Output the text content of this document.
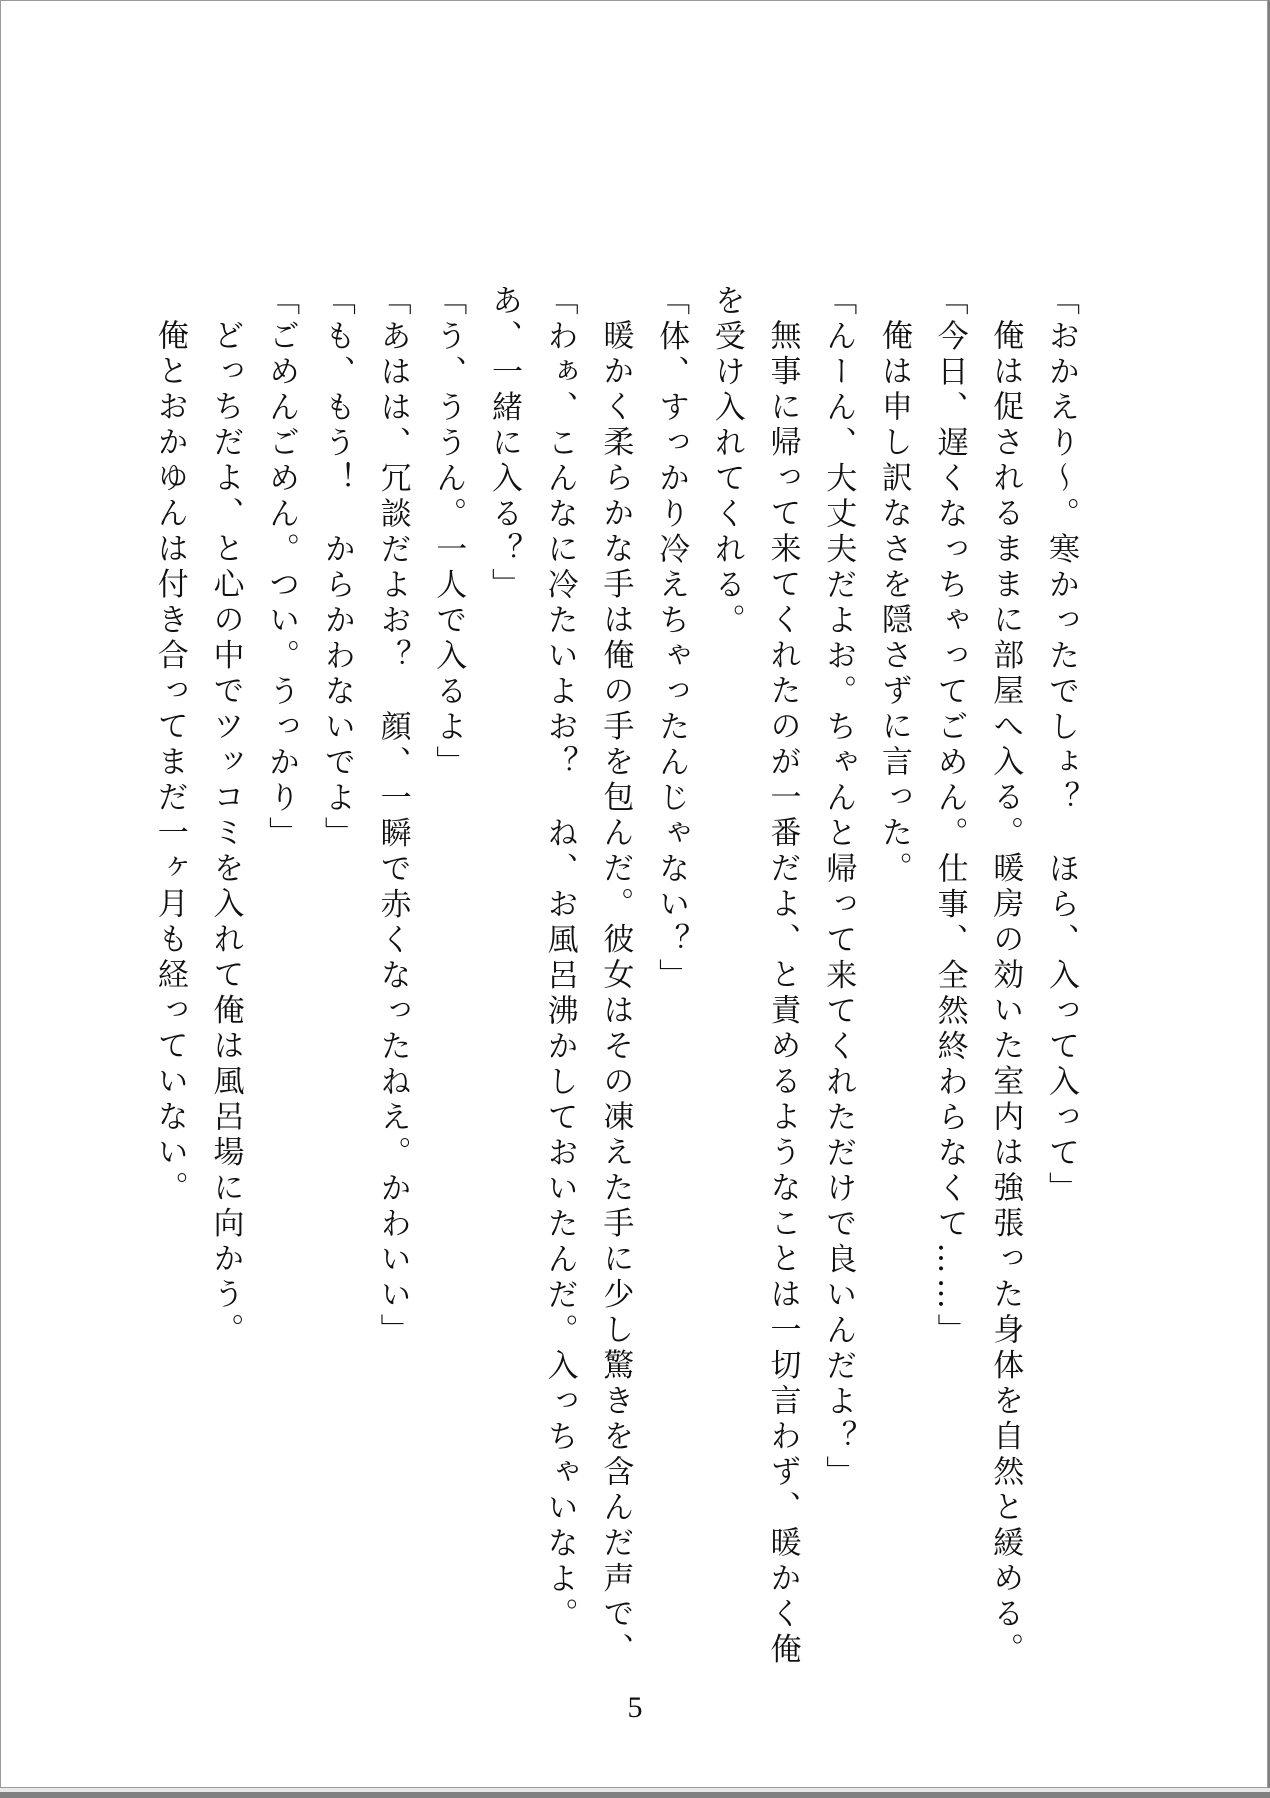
「おかえり〜。寒かったでしょ？　ほら、入って入って」
俺は促されるままに部屋へ入る。暖房の効いた室内は強張った身体を自然と緩める。
「今日、遅くなっちゃってごめん。仕事、全然終わらなくて……」
俺は申し訳なさを隠さずに言った。
「んーん、大丈夫だよお。ちゃんと帰って来てくれただけで良いんだよ？」
無事に帰って来てくれたのが一番だよ、と責めるようなことは一切言わず、暖かく俺
を受け入れてくれる。
「体、すっかり冷えちゃったんじゃない？」
暖かく柔らかな手は俺の手を包んだ。彼女はその凍えた手に少し驚きを含んだ声で、
「わぁ、こんなに冷たいよお？　ね、お風呂沸かしておいたんだ。入っちゃいなよ。
あ、一緒に入る？」
「う、ううん。一人で入るよ」
「あはは、冗談だよお？　顔、一瞬で赤くなったねえ。かわいい」
「も、もう！　からかわないでよ」
「ごめんごめん。つい。うっかり」
どっちだよ、と心の中でツッコミを入れて俺は風呂場に向かう。
俺とおかゆんは付き合ってまだ一ヶ月も経っていない。
5
